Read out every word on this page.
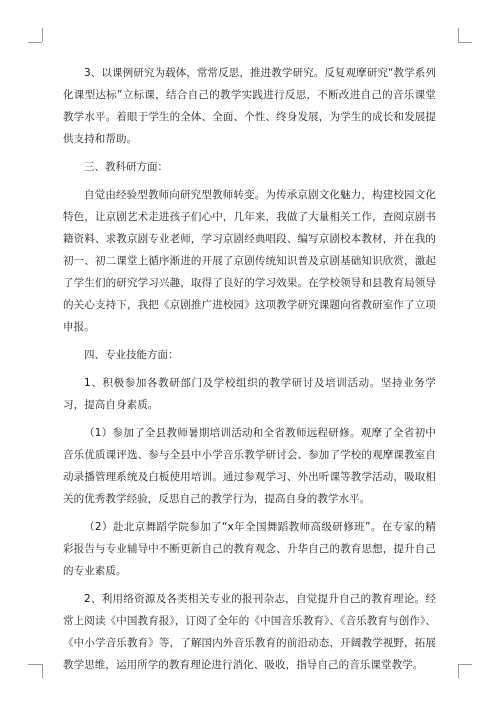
3、以课例研究为载体，常常反思，推进教学研究。反复观摩研究“教学系列化课型达标”立标课，结合自己的教学实践进行反思，不断改进自己的音乐课堂教学水平。着眼于学生的全体、全面、个性、终身发展，为学生的成长和发展提供支持和帮助。

三、教科研方面：

自觉由经验型教师向研究型教师转变。为传承京剧文化魅力，构建校园文化特色，让京剧艺术走进孩子们心中，几年来，我做了大量相关工作，查阅京剧书籍资料、求教京剧专业老师，学习京剧经典唱段、编写京剧校本教材，并在我的初一、初二课堂上循序渐进的开展了京剧传统知识普及京剧基础知识欣赏，激起了学生们的研究学习兴趣，取得了良好的学习效果。在学校领导和县教育局领导的关心支持下，我把《京剧推广进校园》这项教学研究课题向省教研室作了立项申报。

四、专业技能方面：

1、积极参加各教研部门及学校组织的教学研讨及培训活动。坚持业务学习，提高自身素质。

（1）参加了全县教师暑期培训活动和全省教师远程研修。观摩了全省初中音乐优质课评选、参与全县中小学音乐教学研讨会、参加了学校的观摩课教室自动录播管理系统及白板使用培训。通过参观学习、外出听课等教学活动，吸取相关的优秀教学经验，反思自己的教学行为，提高自身的教学水平。

（2）赴北京舞蹈学院参加了“x年全国舞蹈教师高级研修班”。在专家的精彩报告与专业辅导中不断更新自己的教育观念、升华自己的教育思想，提升自己的专业素质。

2、利用络资源及各类相关专业的报刊杂志，自觉提升自己的教育理论。经常上阅读《中国教育报》，订阅了全年的《中国音乐教育》、《音乐教育与创作》、《中小学音乐教育》等，了解国内外音乐教育的前沿动态，开阔教学视野，拓展教学思维，运用所学的教育理论进行消化、吸收，指导自己的音乐课堂教学。
